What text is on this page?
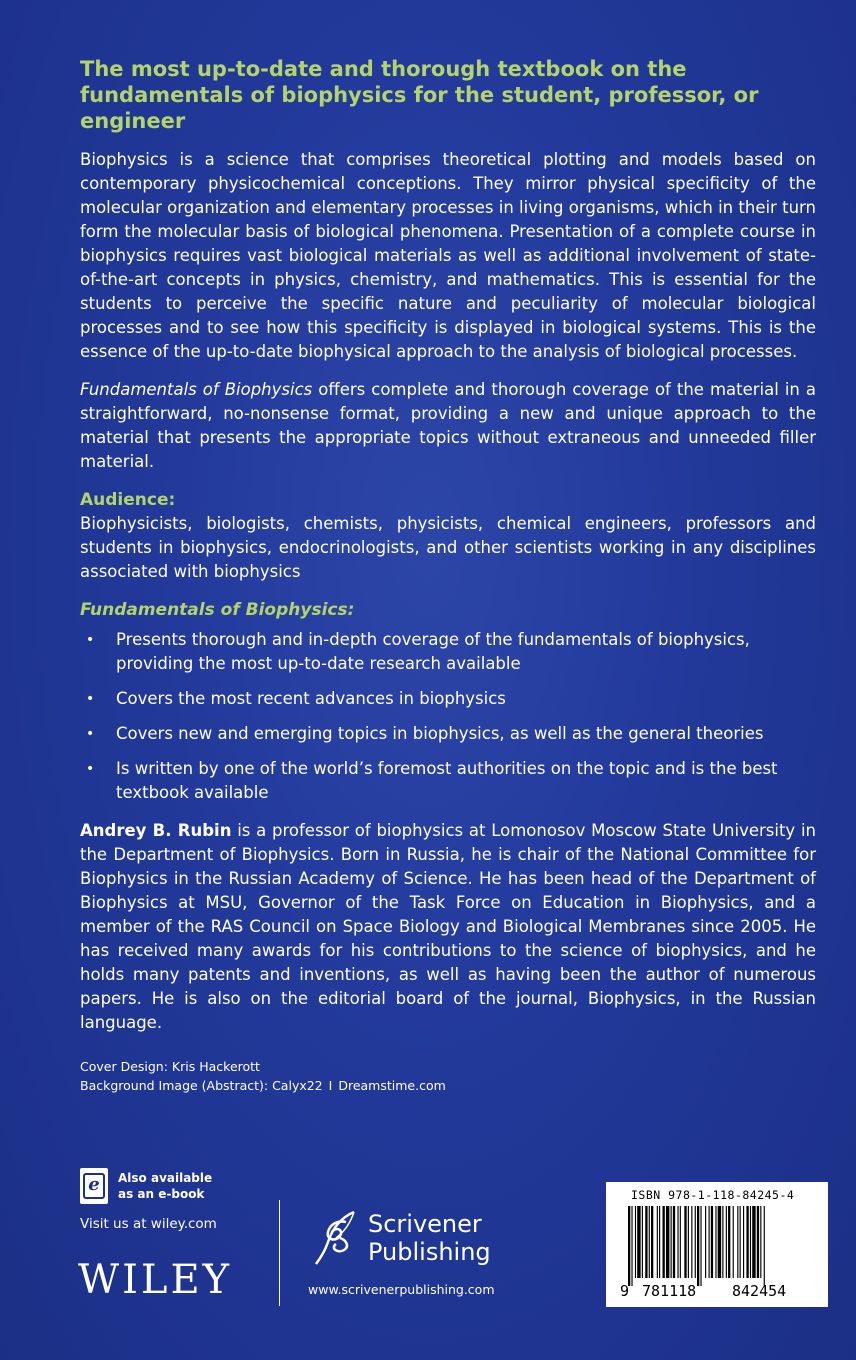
The most up-to-date and thorough textbook on the fundamentals of biophysics for the student, professor, or engineer

Biophysics is a science that comprises theoretical plotting and models based on contemporary physicochemical conceptions. They mirror physical specificity of the molecular organization and elementary processes in living organisms, which in their turn form the molecular basis of biological phenomena. Presentation of a complete course in biophysics requires vast biological materials as well as additional involvement of state-of-the-art concepts in physics, chemistry, and mathematics. This is essential for the students to perceive the specific nature and peculiarity of molecular biological processes and to see how this specificity is displayed in biological systems. This is the essence of the up-to-date biophysical approach to the analysis of biological processes.

Fundamentals of Biophysics offers complete and thorough coverage of the material in a straightforward, no-nonsense format, providing a new and unique approach to the material that presents the appropriate topics without extraneous and unneeded filler material.

Audience:

Biophysicists, biologists, chemists, physicists, chemical engineers, professors and students in biophysics, endocrinologists, and other scientists working in any disciplines associated with biophysics

Fundamentals of Biophysics:
• Presents thorough and in-depth coverage of the fundamentals of biophysics, providing the most up-to-date research available
• Covers the most recent advances in biophysics
• Covers new and emerging topics in biophysics, as well as the general theories
• Is written by one of the world’s foremost authorities on the topic and is the best textbook available

Andrey B. Rubin is a professor of biophysics at Lomonosov Moscow State University in the Department of Biophysics. Born in Russia, he is chair of the National Committee for Biophysics in the Russian Academy of Science. He has been head of the Department of Biophysics at MSU, Governor of the Task Force on Education in Biophysics, and a member of the RAS Council on Space Biology and Biological Membranes since 2005. He has received many awards for his contributions to the science of biophysics, and he holds many patents and inventions, as well as having been the author of numerous papers. He is also on the editorial board of the journal, Biophysics, in the Russian language.

Cover Design: Kris Hackerott
Background Image (Abstract): Calyx22 I Dreamstime.com
e	Also available
as an e-book
Visit us at wiley.com
WILEY
Scrivener
Publishing
www.scrivenerpublishing.com
ISBN 978-1-118-84245-4
9 781118 842454
